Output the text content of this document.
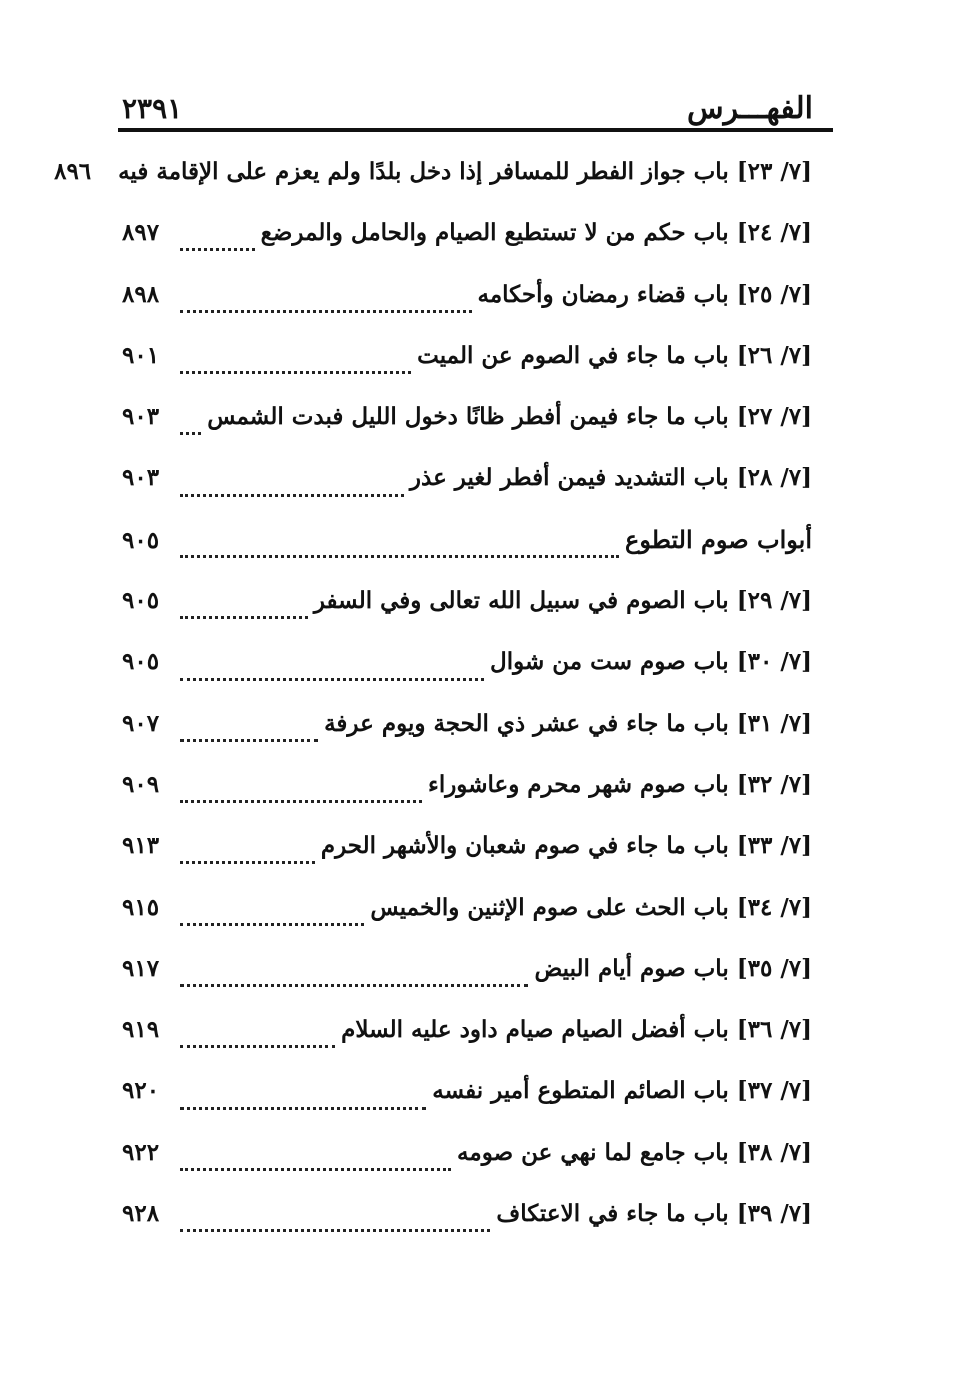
الفهـــرس
٢٣٩١
[٧/ ٢٣] باب جواز الفطر للمسافر إذا دخل بلدًا ولم يعزم على الإقامة فيه
٨٩٦
[٧/ ٢٤] باب حكم من لا تستطيع الصيام والحامل والمرضع
٨٩٧
[٧/ ٢٥] باب قضاء رمضان وأحكامه
٨٩٨
[٧/ ٢٦] باب ما جاء في الصوم عن الميت
٩٠١
[٧/ ٢٧] باب ما جاء فيمن أفطر ظانًا دخول الليل فبدت الشمس
٩٠٣
[٧/ ٢٨] باب التشديد فيمن أفطر لغير عذر
٩٠٣
أبواب صوم التطوع
٩٠٥
[٧/ ٢٩] باب الصوم في سبيل الله تعالى وفي السفر
٩٠٥
[٧/ ٣٠] باب صوم ست من شوال
٩٠٥
[٧/ ٣١] باب ما جاء في عشر ذي الحجة ويوم عرفة
٩٠٧
[٧/ ٣٢] باب صوم شهر محرم وعاشوراء
٩٠٩
[٧/ ٣٣] باب ما جاء في صوم شعبان والأشهر الحرم
٩١٣
[٧/ ٣٤] باب الحث على صوم الإثنين والخميس
٩١٥
[٧/ ٣٥] باب صوم أيام البيض
٩١٧
[٧/ ٣٦] باب أفضل الصيام صيام داود عليه السلام
٩١٩
[٧/ ٣٧] باب الصائم المتطوع أمير نفسه
٩٢٠
[٧/ ٣٨] باب جامع لما نهي عن صومه
٩٢٢
[٧/ ٣٩] باب ما جاء في الاعتكاف
٩٢٨
